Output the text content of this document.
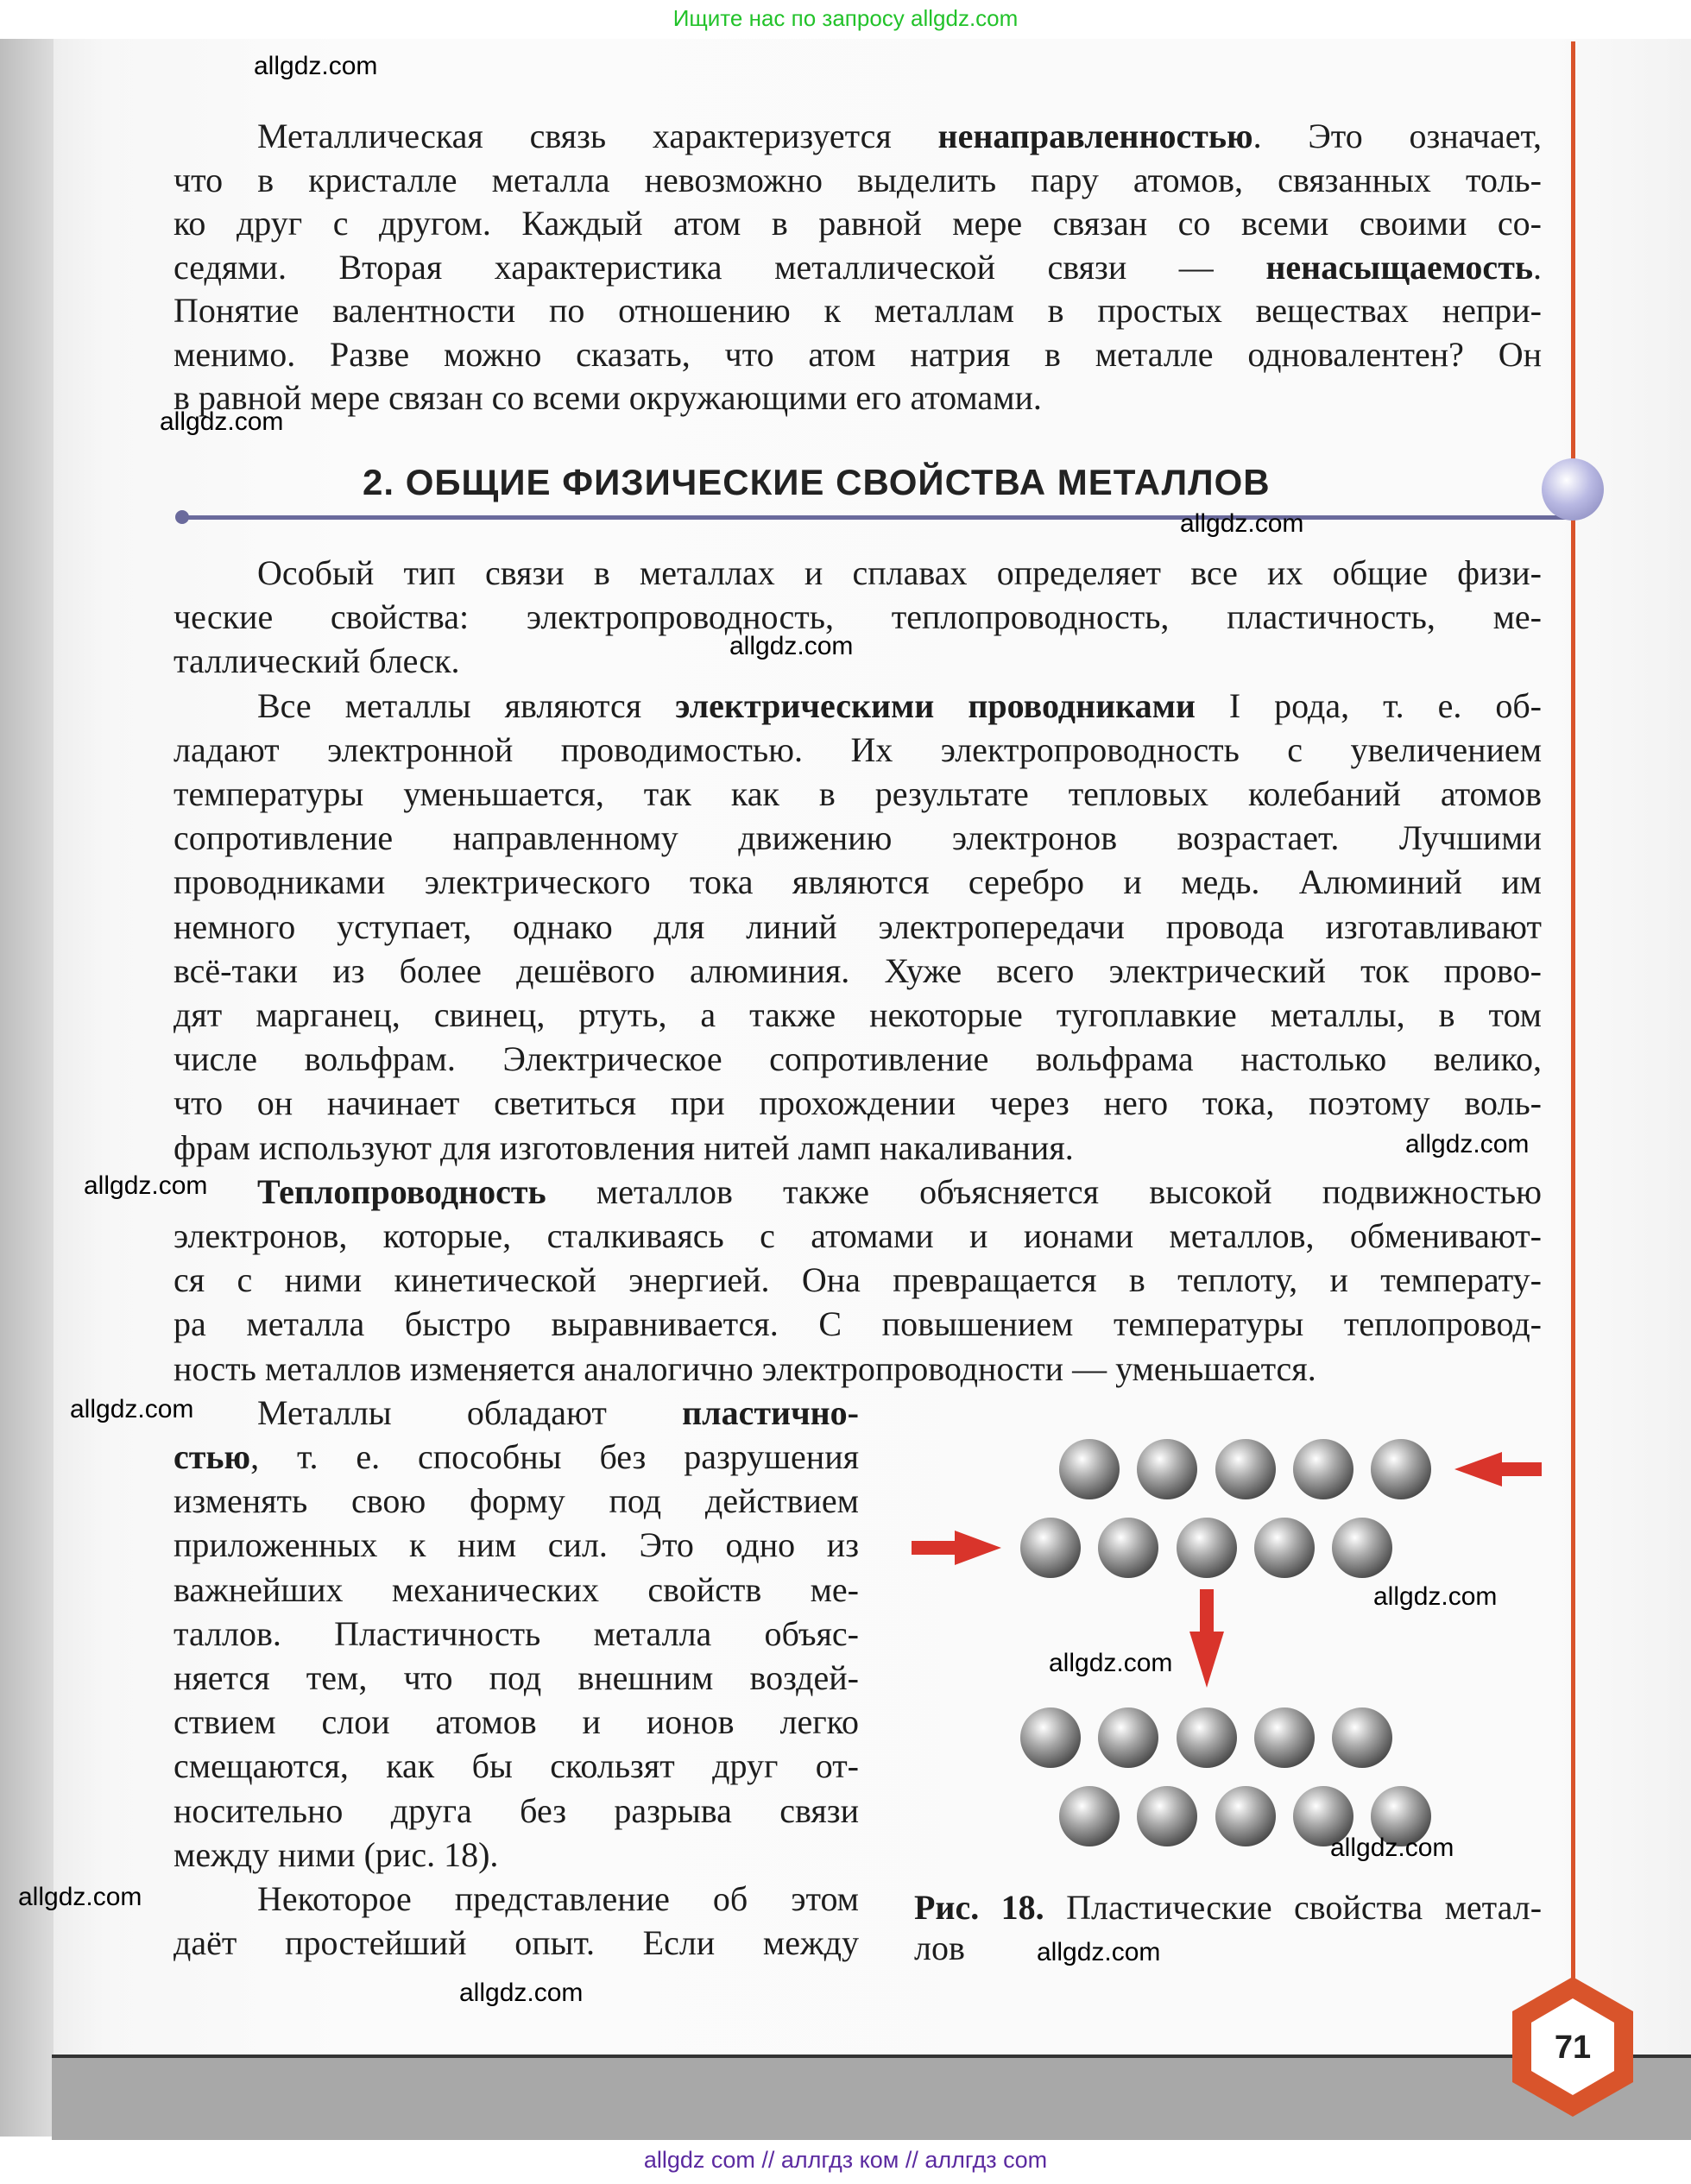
Ищите нас по запросу allgdz.com
Металлическая связь характеризуется ненаправленностью. Это означает,
что в кристалле металла невозможно выделить пару атомов, связанных толь-
ко друг с другом. Каждый атом в равной мере связан со всеми своими со-
седями. Вторая характеристика металлической связи — ненасыщаемость.
Понятие валентности по отношению к металлам в простых веществах непри-
менимо. Разве можно сказать, что атом натрия в металле одновалентен? Он
в равной мере связан со всеми окружающими его атомами.
Особый тип связи в металлах и сплавах определяет все их общие физи-
ческие свойства: электропроводность, теплопроводность, пластичность, ме-
таллический блеск.
Все металлы являются электрическими проводниками I рода, т. е. об-
ладают электронной проводимостью. Их электропроводность с увеличением
температуры уменьшается, так как в результате тепловых колебаний атомов
сопротивление направленному движению электронов возрастает. Лучшими
проводниками электрического тока являются серебро и медь. Алюминий им
немного уступает, однако для линий электропередачи провода изготавливают
всё-таки из более дешёвого алюминия. Хуже всего электрический ток прово-
дят марганец, свинец, ртуть, а также некоторые тугоплавкие металлы, в том
числе вольфрам. Электрическое сопротивление вольфрама настолько велико,
что он начинает светиться при прохождении через него тока, поэтому воль-
фрам используют для изготовления нитей ламп накаливания.
Теплопроводность металлов также объясняется высокой подвижностью
электронов, которые, сталкиваясь с атомами и ионами металлов, обменивают-
ся с ними кинетической энергией. Она превращается в теплоту, и температу-
ра металла быстро выравнивается. С повышением температуры теплопровод-
ность металлов изменяется аналогично электропроводности — уменьшается.
Металлы обладают пластично-
стью, т. е. способны без разрушения
изменять свою форму под действием
приложенных к ним сил. Это одно из
важнейших механических свойств ме-
таллов. Пластичность металла объяс-
няется тем, что под внешним воздей-
ствием слои атомов и ионов легко
смещаются, как бы скользят друг от-
носительно друга без разрыва связи
между ними (рис. 18).
Некоторое представление об этом
даёт простейший опыт. Если между
2. ОБЩИЕ ФИЗИЧЕСКИЕ СВОЙСТВА МЕТАЛЛОВ
71
Рис. 18. Пластические свойства метал-
лов
allgdz.com
allgdz.com
allgdz.com
allgdz.com
allgdz.com
allgdz.com
allgdz.com
allgdz.com
allgdz.com
allgdz.com
allgdz.com
allgdz.com
allgdz.com
allgdz com // аллгдз ком // аллгдз com
